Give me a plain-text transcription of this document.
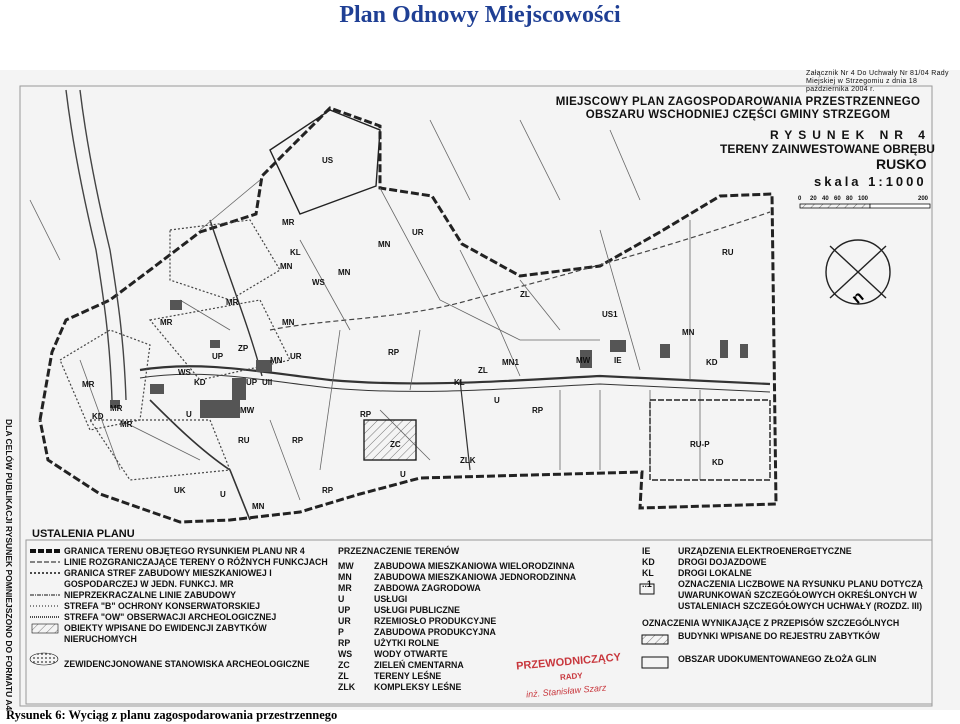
Plan Odnowy Miejscowości
n
US
MN
UR
MR
KL
MN
WS
MN
MR
MN
UP
ZP
MN UR
UP UII
WS
KD
MR
MR	MW
RU
MR
KD
MR
U
U
RP	ZC
RP
RP
ZLK
KL
ZL
MN1	MW	IE	KD
US1
MN
RU
ZL
U
RP
RU-P
KD
MN
U
RP
UK
Załącznik Nr 4 Do Uchwały Nr 81/04 Rady Miejskiej w Strzegomiu z dnia 18 października 2004 r.
MIEJSCOWY PLAN ZAGOSPODAROWANIA PRZESTRZENNEGO
OBSZARU WSCHODNIEJ CZĘŚCI GMINY STRZEGOM
RYSUNEK NR 4
TERENY ZAINWESTOWANE OBRĘBU
RUSKO
skala 1:1000
0 20 40 60 80 100	200
DLA CELÓW PUBLIKACJI RYSUNEK POMNIEJSZONO DO FORMATU A4 USTALENIA PLANU
GRANICA TERENU OBJĘTEGO RYSUNKIEM PLANU NR 4
LINIE ROZGRANICZAJĄCE TERENY O RÓŻNYCH FUNKCJACH
GRANICA STREF ZABUDOWY MIESZKANIOWEJ I
GOSPODARCZEJ W JEDN. FUNKCJ. MR
NIEPRZEKRACZALNE LINIE ZABUDOWY
STREFA "B" OCHRONY KONSERWATORSKIEJ
STREFA "OW" OBSERWACJI ARCHEOLOGICZNEJ
OBIEKTY WPISANE DO EWIDENCJI ZABYTKÓW
NIERUCHOMYCH
ZEWIDENCJONOWANE STANOWISKA ARCHEOLOGICZNE
PRZEZNACZENIE TERENÓW
MW ZABUDOWA MIESZKANIOWA WIELORODZINNA
MN	ZABUDOWA MIESZKANIOWA JEDNORODZINNA
MR	ZABDOWA ZAGRODOWA
U	USŁUGI
UP	USŁUGI PUBLICZNE
UR	RZEMIOSŁO PRODUKCYJNE
P	ZABUDOWA PRODUKCYJNA
RP	UŻYTKI ROLNE
WS WODY OTWARTE
ZC	ZIELEŃ CMENTARNA
ZL	TERENY LEŚNE
ZLK KOMPLEKSY LEŚNE
IE	URZĄDZENIA ELEKTROENERGETYCZNE
KD	DROGI DOJAZDOWE
KL	DROGI LOKALNE
..1	OZNACZENIA LICZBOWE NA RYSUNKU PLANU DOTYCZĄ
UWARUNKOWAŃ SZCZEGÓŁOWYCH OKREŚLONYCH W
USTALENIACH SZCZEGÓŁOWYCH UCHWAŁY (ROZDZ. III)
OZNACZENIA WYNIKAJĄCE Z PRZEPISÓW SZCZEGÓLNYCH
BUDYNKI WPISANE DO REJESTRU ZABYTKÓW
OBSZAR UDOKUMENTOWANEGO ZŁOŻA GLIN
PRZEWODNICZĄCY
RADY
inż. Stanisław Szarz
Rysunek 6: Wyciąg z planu zagospodarowania przestrzennego
